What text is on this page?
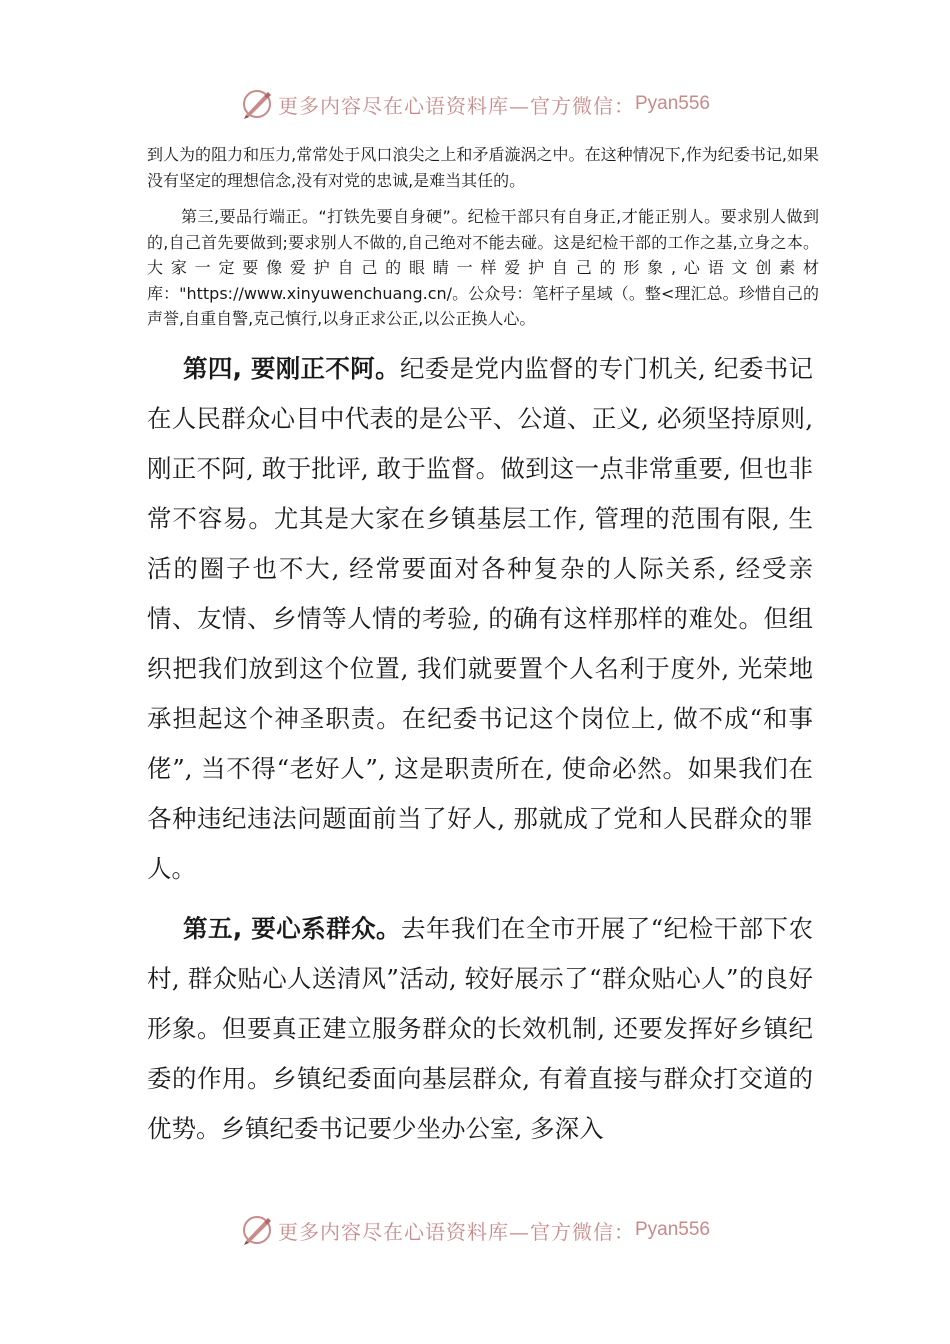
更多内容尽在心语资料库—官方微信： Pyan556

到人为的阻力和压力,常常处于风口浪尖之上和矛盾漩涡之中。在这种情况下,作为纪委书记,如果没有坚定的理想信念,没有对党的忠诚,是难当其任的。

第三,要品行端正。“打铁先要自身硬”。纪检干部只有自身正,才能正别人。要求别人做到的,自己首先要做到;要求别人不做的,自己绝对不能去碰。这是纪检干部的工作之基,立身之本。大家一定要像爱护自己的眼睛一样爱护自己的形象,心语文创素材库："https://www.xinyuwenchuang.cn/。公众号：笔杆子星域（。整<理汇总。珍惜自己的声誉,自重自警,克己慎行,以身正求公正,以公正换人心。

第四, 要刚正不阿。纪委是党内监督的专门机关, 纪委书记在人民群众心目中代表的是公平、公道、正义, 必须坚持原则, 刚正不阿, 敢于批评, 敢于监督。做到这一点非常重要, 但也非常不容易。尤其是大家在乡镇基层工作, 管理的范围有限, 生活的圈子也不大, 经常要面对各种复杂的人际关系, 经受亲情、友情、乡情等人情的考验, 的确有这样那样的难处。但组织把我们放到这个位置, 我们就要置个人名利于度外, 光荣地承担起这个神圣职责。在纪委书记这个岗位上, 做不成“和事佬”, 当不得“老好人”, 这是职责所在, 使命必然。如果我们在各种违纪违法问题面前当了好人, 那就成了党和人民群众的罪人。

第五, 要心系群众。去年我们在全市开展了“纪检干部下农村, 群众贴心人送清风”活动, 较好展示了“群众贴心人”的良好形象。但要真正建立服务群众的长效机制, 还要发挥好乡镇纪委的作用。乡镇纪委面向基层群众, 有着直接与群众打交道的优势。乡镇纪委书记要少坐办公室, 多深入

更多内容尽在心语资料库—官方微信： Pyan556
